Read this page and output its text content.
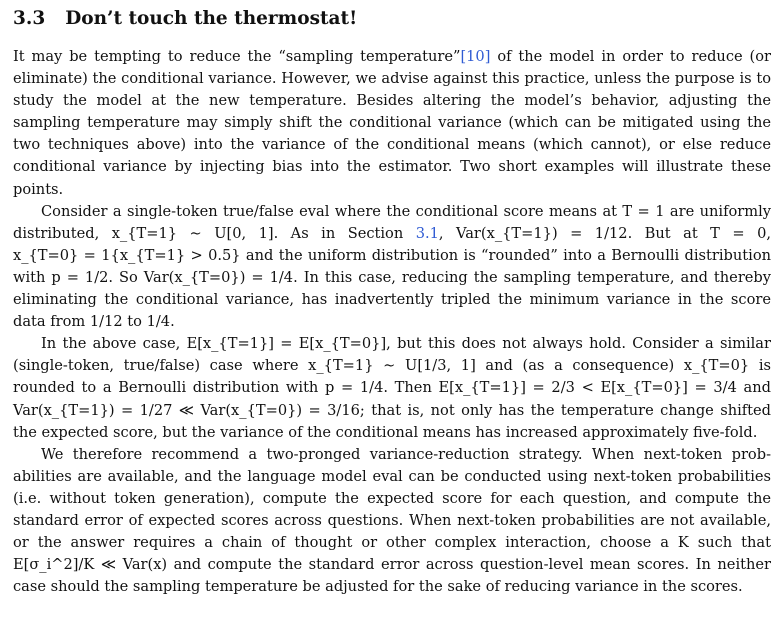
3.3 Don’t touch the thermostat!

It may be tempting to reduce the “sampling temperature”[10] of the model in order to reduce (or eliminate) the conditional variance. However, we advise against this practice, unless the purpose is to study the model at the new temperature. Besides altering the model’s behavior, adjusting the sampling temperature may simply shift the conditional variance (which can be mitigated using the two techniques above) into the variance of the conditional means (which cannot), or else reduce conditional variance by injecting bias into the estimator. Two short examples will illustrate these points.

Consider a single-token true/false eval where the conditional score means at T = 1 are uniformly distributed, x_{T=1} ∼ U[0, 1]. As in Section 3.1, Var(x_{T=1}) = 1/12. But at T = 0, x_{T=0} = 1{x_{T=1} > 0.5} and the uniform distribution is “rounded” into a Bernoulli distribution with p = 1/2. So Var(x_{T=0}) = 1/4. In this case, reducing the sampling temperature, and thereby eliminating the conditional variance, has inadvertently tripled the minimum variance in the score data from 1/12 to 1/4.

In the above case, E[x_{T=1}] = E[x_{T=0}], but this does not always hold. Consider a similar (single-token, true/false) case where x_{T=1} ∼ U[1/3, 1] and (as a consequence) x_{T=0} is rounded to a Bernoulli distribution with p = 1/4. Then E[x_{T=1}] = 2/3 < E[x_{T=0}] = 3/4 and Var(x_{T=1}) = 1/27 ≪ Var(x_{T=0}) = 3/16; that is, not only has the temperature change shifted the expected score, but the variance of the conditional means has increased approximately five-fold.

We therefore recommend a two-pronged variance-reduction strategy. When next-token probabilities are available, and the language model eval can be conducted using next-token probabilities (i.e. without token generation), compute the expected score for each question, and compute the standard error of expected scores across questions. When next-token probabilities are not available, or the answer requires a chain of thought or other complex interaction, choose a K such that E[σ_i^2]/K ≪ Var(x) and compute the standard error across question-level mean scores. In neither case should the sampling temperature be adjusted for the sake of reducing variance in the scores.
